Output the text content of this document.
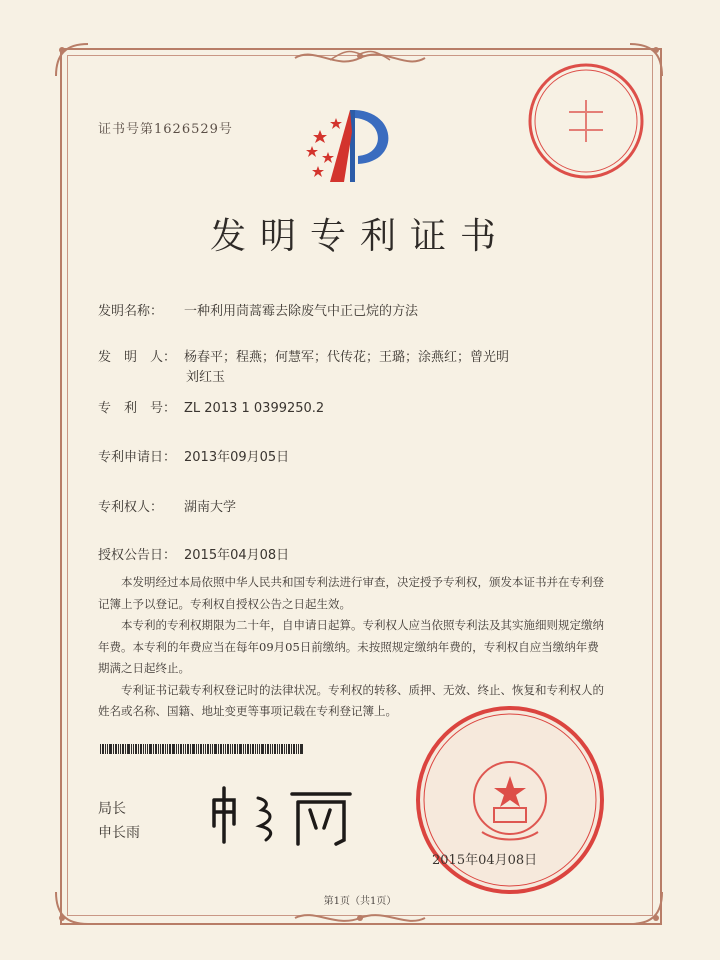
证书号第1626529号
发明专利证书
发明名称： 一种利用茼蒿霉去除废气中正己烷的方法
发　明　人： 杨春平；程燕；何慧军；代传花；王璐；涂燕红；曾光明
刘红玉
专　利　号： ZL 2013 1 0399250.2
专利申请日： 2013年09月05日
专利权人： 湖南大学
授权公告日： 2015年04月08日

本发明经过本局依照中华人民共和国专利法进行审查，决定授予专利权，颁发本证书并在专利登记簿上予以登记。专利权自授权公告之日起生效。

本专利的专利权期限为二十年，自申请日起算。专利权人应当依照专利法及其实施细则规定缴纳年费。本专利的年费应当在每年09月05日前缴纳。未按照规定缴纳年费的，专利权自应当缴纳年费期满之日起终止。

专利证书记载专利权登记时的法律状况。专利权的转移、质押、无效、终止、恢复和专利权人的姓名或名称、国籍、地址变更等事项记载在专利登记簿上。

局长
申长雨
2015年04月08日
第1页（共1页）
